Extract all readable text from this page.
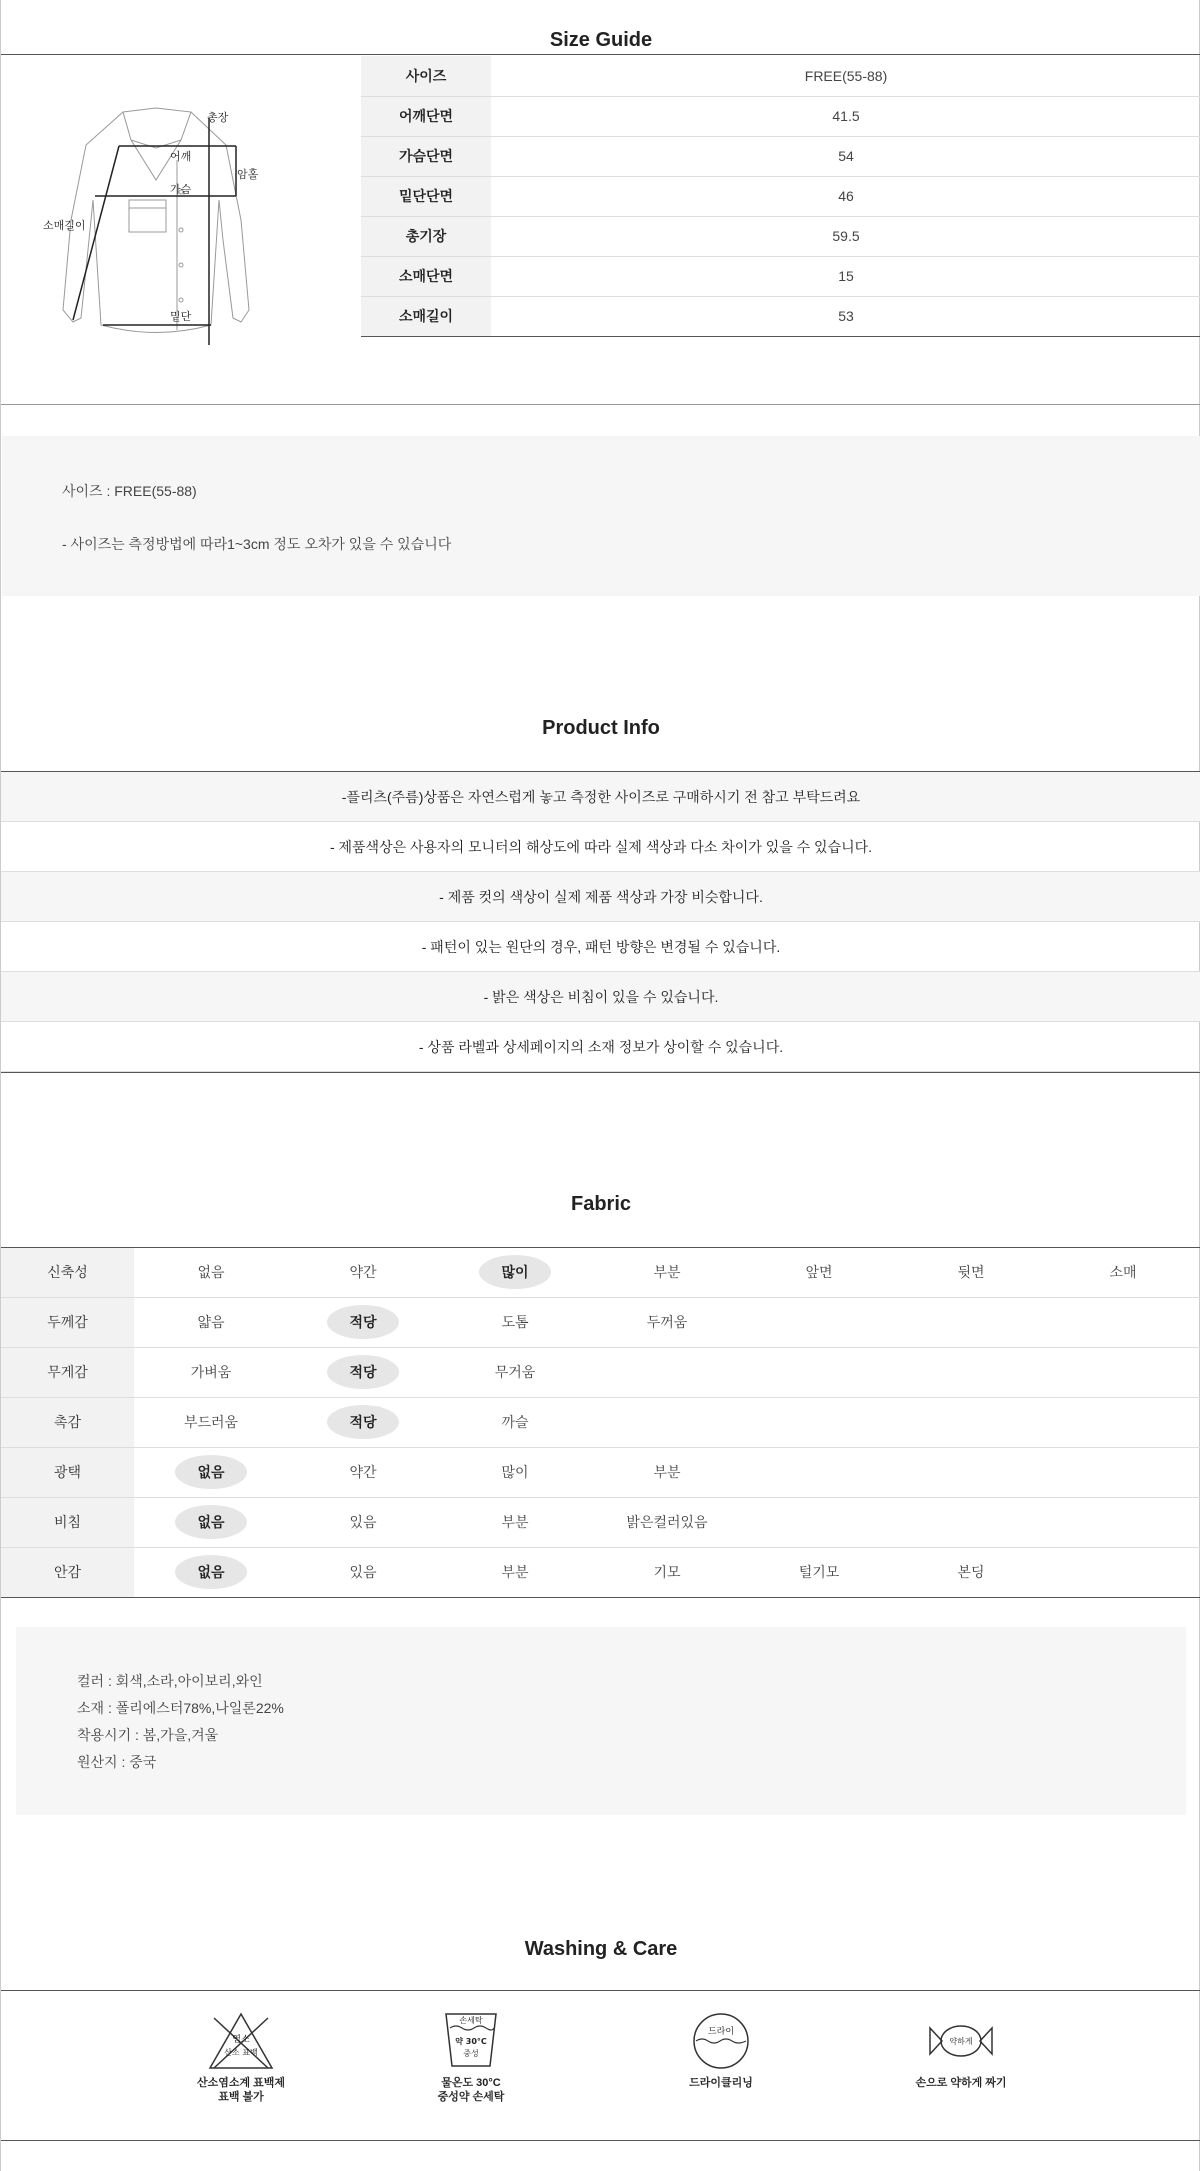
Size Guide
총장
어깨
암홀
가슴
소매길이
밑단
사이즈	FREE(55-88)
어깨단면	41.5
가슴단면	54
밑단단면	46
총기장	59.5
소매단면	15
소매길이	53
사이즈 : FREE(55-88)
- 사이즈는 측정방법에 따라1~3cm 정도 오차가 있을 수 있습니다
Product Info
-플리츠(주름)상품은 자연스럽게 놓고 측정한 사이즈로 구매하시기 전 참고 부탁드려요
- 제품색상은 사용자의 모니터의 해상도에 따라 실제 색상과 다소 차이가 있을 수 있습니다.
- 제품 컷의 색상이 실제 제품 색상과 가장 비슷합니다.
- 패턴이 있는 원단의 경우, 패턴 방향은 변경될 수 있습니다.
- 밝은 색상은 비침이 있을 수 있습니다.
- 상품 라벨과 상세페이지의 소재 정보가 상이할 수 있습니다.
Fabric
신축성	없음	약간	많이	부분	앞면	뒷면	소매
두께감	얇음	적당	도톰	두꺼움
무게감	가벼움	적당	무거움
촉감	부드러움	적당	까슬
광택	없음	약간	많이	부분
비침	없음	있음	부분	밝은컬러있음
안감	없음	있음	부분	기모	털기모	본딩
컬러 : 회색,소라,아이보리,와인
소재 : 폴리에스터78%,나일론22%
착용시기 : 봄,가을,겨울
원산지 : 중국
Washing & Care
염소
산소 표백
산소염소계 표백제
표백 불가
손세탁
약 30°C
중성
물온도 30°C
중성약 손세탁
드라이
드라이클리닝
약하게
손으로 약하게 짜기
